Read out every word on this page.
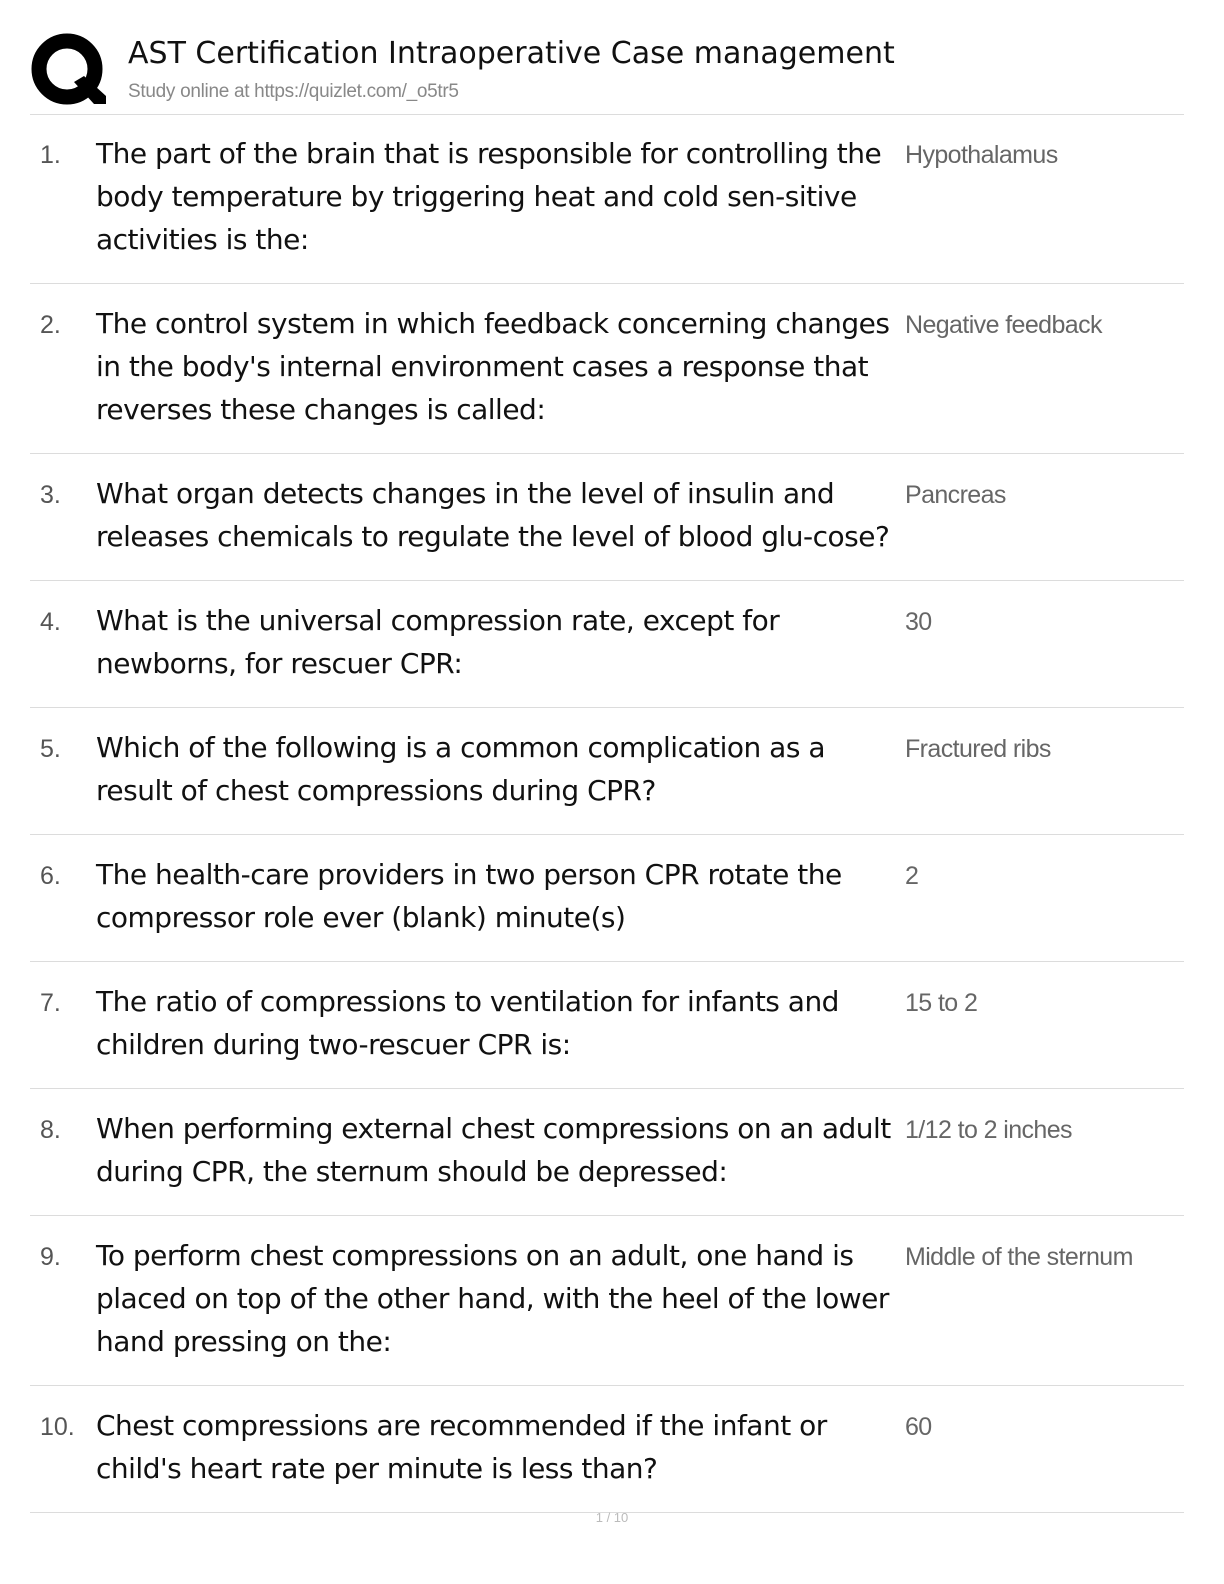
AST Certification Intraoperative Case management
Study online at https://quizlet.com/_o5tr5
1. The part of the brain that is responsible for controlling the body temperature by triggering heat and cold sen-sitive activities is the:
Hypothalamus
2. The control system in which feedback concerning changes in the body's internal environment cases a response that reverses these changes is called:
Negative feedback
3. What organ detects changes in the level of insulin and releases chemicals to regulate the level of blood glu-cose?
Pancreas
4. What is the universal compression rate, except for newborns, for rescuer CPR:
30
5. Which of the following is a common complication as a result of chest compressions during CPR?
Fractured ribs
6. The health-care providers in two person CPR rotate the compressor role ever (blank) minute(s)
2
7. The ratio of compressions to ventilation for infants and children during two-rescuer CPR is:
15 to 2
8. When performing external chest compressions on an adult during CPR, the sternum should be depressed:
1/12 to 2 inches
9. To perform chest compressions on an adult, one hand is placed on top of the other hand, with the heel of the lower hand pressing on the:
Middle of the sternum
10. Chest compressions are recommended if the infant or child's heart rate per minute is less than?
60
1 / 10
